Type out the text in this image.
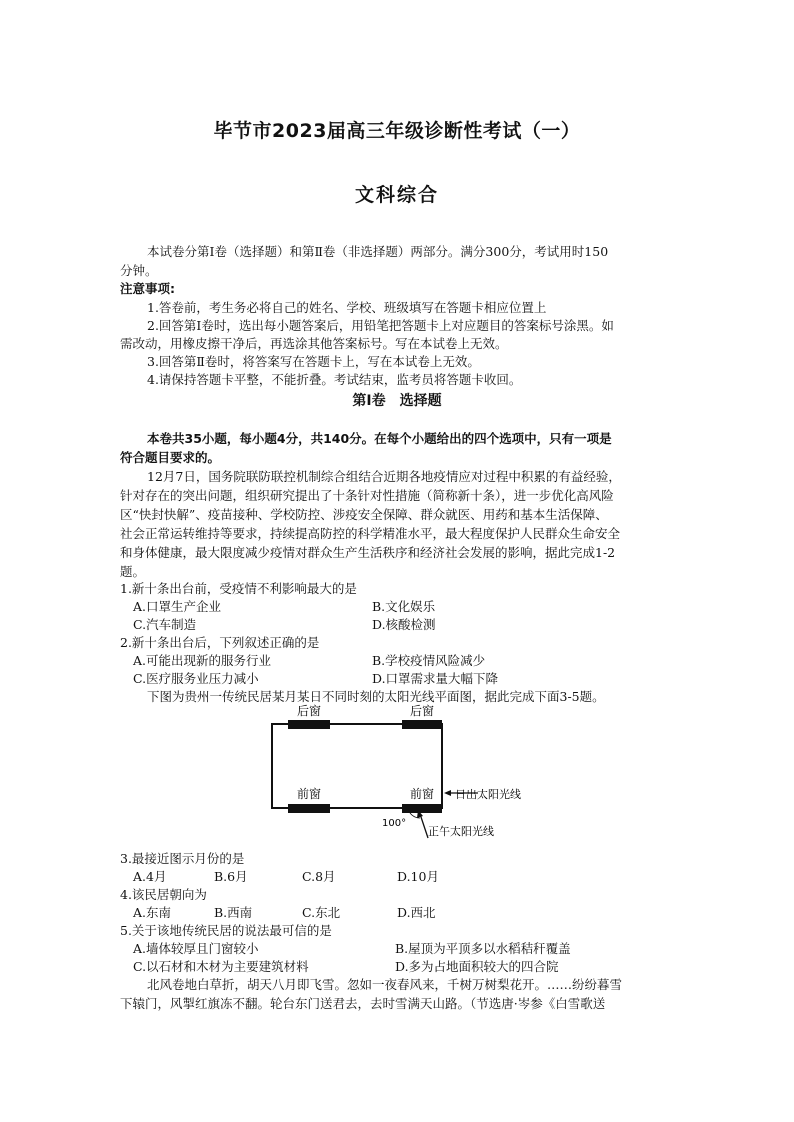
毕节市2023届高三年级诊断性考试（一）
文科综合
本试卷分第Ⅰ卷（选择题）和第Ⅱ卷（非选择题）两部分。满分300分，考试用时150
分钟。
注意事项:
1.答卷前，考生务必将自己的姓名、学校、班级填写在答题卡相应位置上
2.回答第Ⅰ卷时，选出每小题答案后，用铅笔把答题卡上对应题目的答案标号涂黑。如
需改动，用橡皮擦干净后，再选涂其他答案标号。写在本试卷上无效。
3.回答第Ⅱ卷时，将答案写在答题卡上，写在本试卷上无效。
4.请保持答题卡平整，不能折叠。考试结束，监考员将答题卡收回。
第Ⅰ卷　选择题
本卷共35小题，每小题4分，共140分。在每个小题给出的四个选项中，只有一项是
符合题目要求的。
12月7日，国务院联防联控机制综合组结合近期各地疫情应对过程中积累的有益经验，
针对存在的突出问题，组织研究提出了十条针对性措施（简称新十条），进一步优化高风险
区“快封快解”、疫苗接种、学校防控、涉疫安全保障、群众就医、用药和基本生活保障、
社会正常运转维持等要求，持续提高防控的科学精准水平，最大程度保护人民群众生命安全
和身体健康，最大限度减少疫情对群众生产生活秩序和经济社会发展的影响，据此完成1-2
题。
1.新十条出台前，受疫情不利影响最大的是
A.口罩生产企业	B.文化娱乐
C.汽车制造	D.核酸检测
2.新十条出台后，下列叙述正确的是
A.可能出现新的服务行业	B.学校疫情风险减少
C.医疗服务业压力减小	D.口罩需求量大幅下降
下图为贵州一传统民居某月某日不同时刻的太阳光线平面图，据此完成下面3-5题。
后窗	后窗
前窗	前窗 日出太阳光线
正午太阳光线
100°
3.最接近图示月份的是
A.4月	B.6月	C.8月	D.10月
4.该民居朝向为
A.东南	B.西南	C.东北	D.西北
5.关于该地传统民居的说法最可信的是
A.墙体较厚且门窗较小	B.屋顶为平顶多以水稻秸秆覆盖
C.以石材和木材为主要建筑材料	D.多为占地面积较大的四合院
北风卷地白草折，胡天八月即飞雪。忽如一夜春风来，千树万树梨花开。……纷纷暮雪
下辕门，风掣红旗冻不翻。轮台东门送君去，去时雪满天山路。（节选唐·岑参《白雪歌送
